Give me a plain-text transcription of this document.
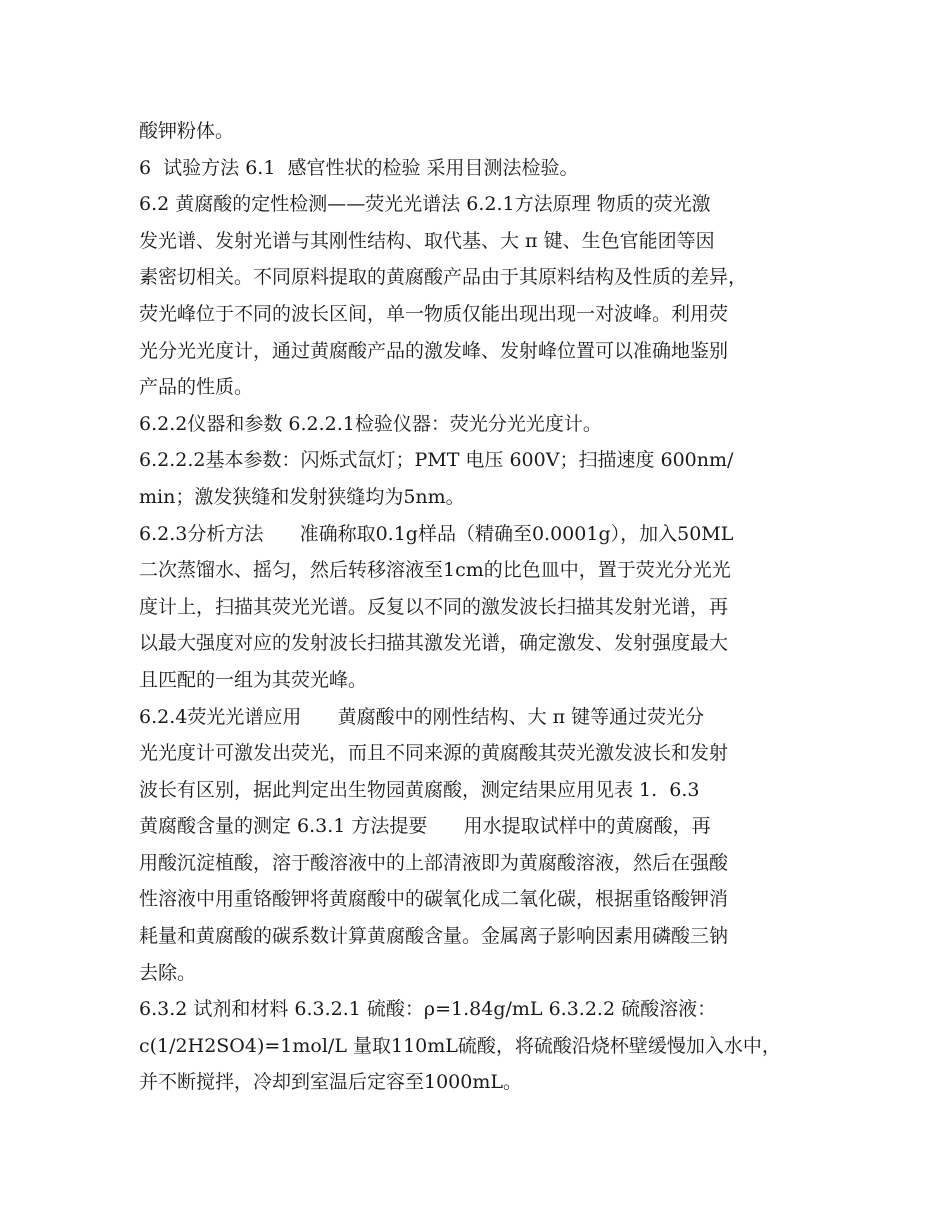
酸钾粉体。
6  试验方法 6.1  感官性状的检验 采用目测法检验。
6.2 黄腐酸的定性检测——荧光光谱法 6.2.1方法原理 物质的荧光激
发光谱、发射光谱与其刚性结构、取代基、大 π 键、生色官能团等因
素密切相关。不同原料提取的黄腐酸产品由于其原料结构及性质的差异，
荧光峰位于不同的波长区间，单一物质仅能出现出现一对波峰。利用荧
光分光光度计，通过黄腐酸产品的激发峰、发射峰位置可以准确地鉴别
产品的性质。
6.2.2仪器和参数 6.2.2.1检验仪器：荧光分光光度计。
6.2.2.2基本参数：闪烁式氙灯；PMT 电压 600V；扫描速度 600nm/
min；激发狭缝和发射狭缝均为5nm。
6.2.3分析方法      准确称取0.1g样品（精确至0.0001g），加入50ML
二次蒸馏水、摇匀，然后转移溶液至1cm的比色皿中，置于荧光分光光
度计上，扫描其荧光光谱。反复以不同的激发波长扫描其发射光谱，再
以最大强度对应的发射波长扫描其激发光谱，确定激发、发射强度最大
且匹配的一组为其荧光峰。
6.2.4荧光光谱应用      黄腐酸中的刚性结构、大 π 键等通过荧光分
光光度计可激发出荧光，而且不同来源的黄腐酸其荧光激发波长和发射
波长有区别，据此判定出生物园黄腐酸，测定结果应用见表 1.  6.3
黄腐酸含量的测定 6.3.1 方法提要      用水提取试样中的黄腐酸，再
用酸沉淀植酸，溶于酸溶液中的上部清液即为黄腐酸溶液，然后在强酸
性溶液中用重铬酸钾将黄腐酸中的碳氧化成二氧化碳，根据重铬酸钾消
耗量和黄腐酸的碳系数计算黄腐酸含量。金属离子影响因素用磷酸三钠
去除。
6.3.2 试剂和材料 6.3.2.1 硫酸：ρ=1.84g/mL 6.3.2.2 硫酸溶液：
c(1/2H2SO4)=1mol/L 量取110mL硫酸，将硫酸沿烧杯壁缓慢加入水中，
并不断搅拌，冷却到室温后定容至1000mL。
